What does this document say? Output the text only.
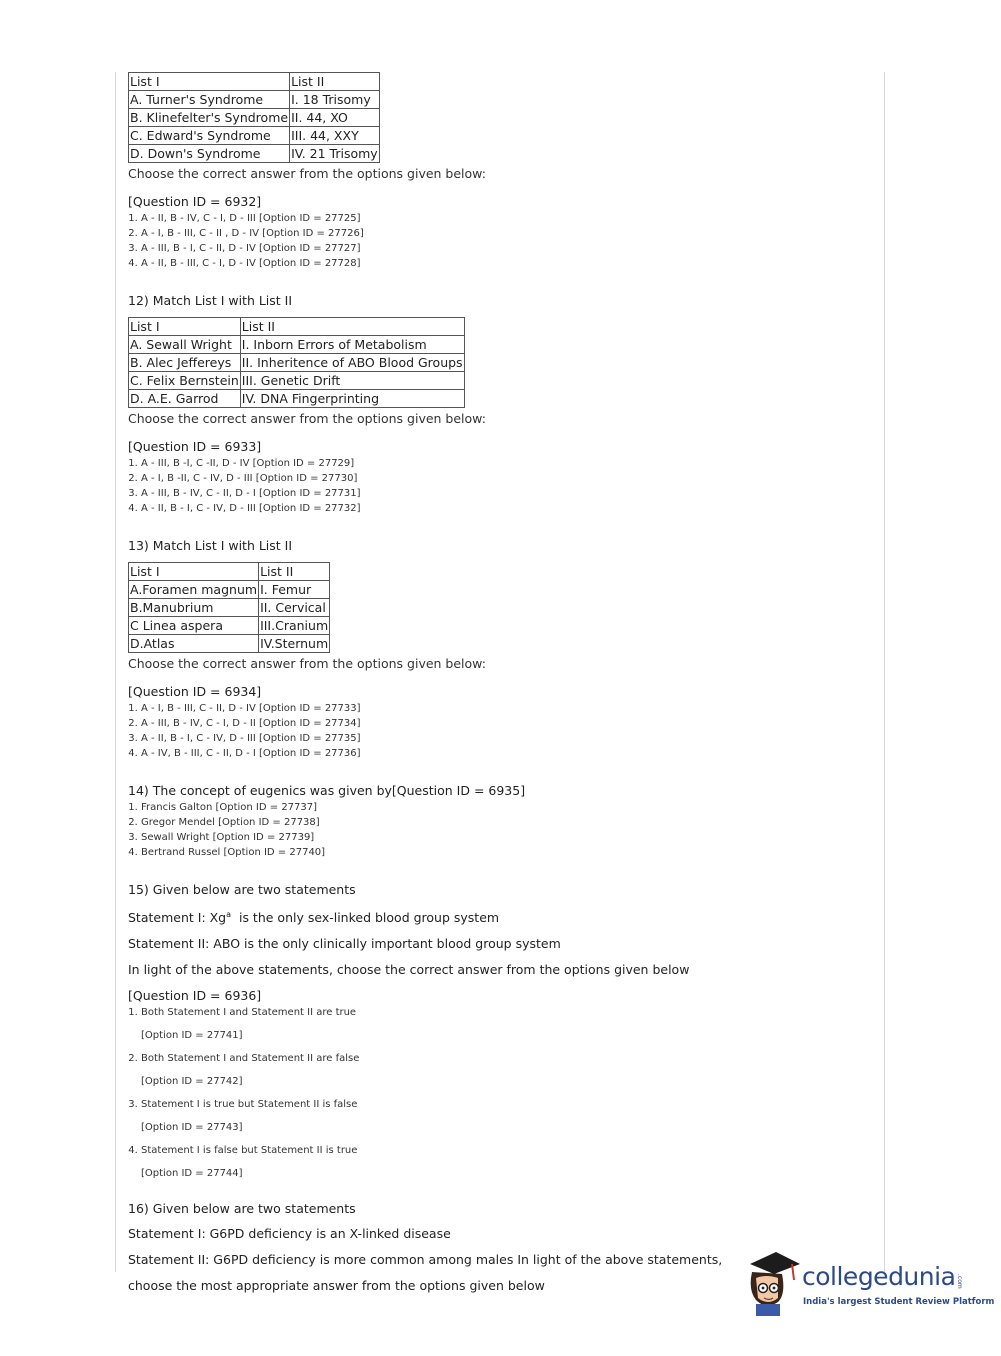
List I	List II
A. Turner's Syndrome	I. 18 Trisomy
B. Klinefelter's Syndrome	II. 44, XO
C. Edward's Syndrome	III. 44, XXY
D. Down's Syndrome	IV. 21 Trisomy
Choose the correct answer from the options given below:
[Question ID = 6932]
1. A - II, B - IV, C - I, D - III [Option ID = 27725]
2. A - I, B - III, C - II , D - IV [Option ID = 27726]
3. A - III, B - I, C - II, D - IV [Option ID = 27727]
4. A - II, B - III, C - I, D - IV [Option ID = 27728]
12) Match List I with List II
List I	List II
A. Sewall Wright	I. Inborn Errors of Metabolism
B. Alec Jeffereys	II. Inheritence of ABO Blood Groups
C. Felix Bernstein	III. Genetic Drift
D. A.E. Garrod	IV. DNA Fingerprinting
Choose the correct answer from the options given below:
[Question ID = 6933]
1. A - III, B -I, C -II, D - IV [Option ID = 27729]
2. A - I, B -II, C - IV, D - III [Option ID = 27730]
3. A - III, B - IV, C - II, D - I [Option ID = 27731]
4. A - II, B - I, C - IV, D - III [Option ID = 27732]
13) Match List I with List II
List I	List II
A.Foramen magnum	I. Femur
B.Manubrium	II. Cervical
C Linea aspera	III.Cranium
D.Atlas	IV.Sternum
Choose the correct answer from the options given below:
[Question ID = 6934]
1. A - I, B - III, C - II, D - IV [Option ID = 27733]
2. A - III, B - IV, C - I, D - II [Option ID = 27734]
3. A - II, B - I, C - IV, D - III [Option ID = 27735]
4. A - IV, B - III, C - II, D - I [Option ID = 27736]
14) The concept of eugenics was given by[Question ID = 6935]
1. Francis Galton [Option ID = 27737]
2. Gregor Mendel [Option ID = 27738]
3. Sewall Wright [Option ID = 27739]
4. Bertrand Russel [Option ID = 27740]
15) Given below are two statements
Statement I: Xg$^a$  is the only sex-linked blood group system
Statement II: ABO is the only clinically important blood group system
In light of the above statements, choose the correct answer from the options given below
[Question ID = 6936]
1. Both Statement I and Statement II are true
[Option ID = 27741]
2. Both Statement I and Statement II are false
[Option ID = 27742]
3. Statement I is true but Statement II is false
[Option ID = 27743]
4. Statement I is false but Statement II is true
[Option ID = 27744]
16) Given below are two statements
Statement I: G6PD deficiency is an X-linked disease
Statement II: G6PD deficiency is more common among males In light of the above statements,
choose the most appropriate answer from the options given below	collegedunia .com
India's largest Student Review Platform
